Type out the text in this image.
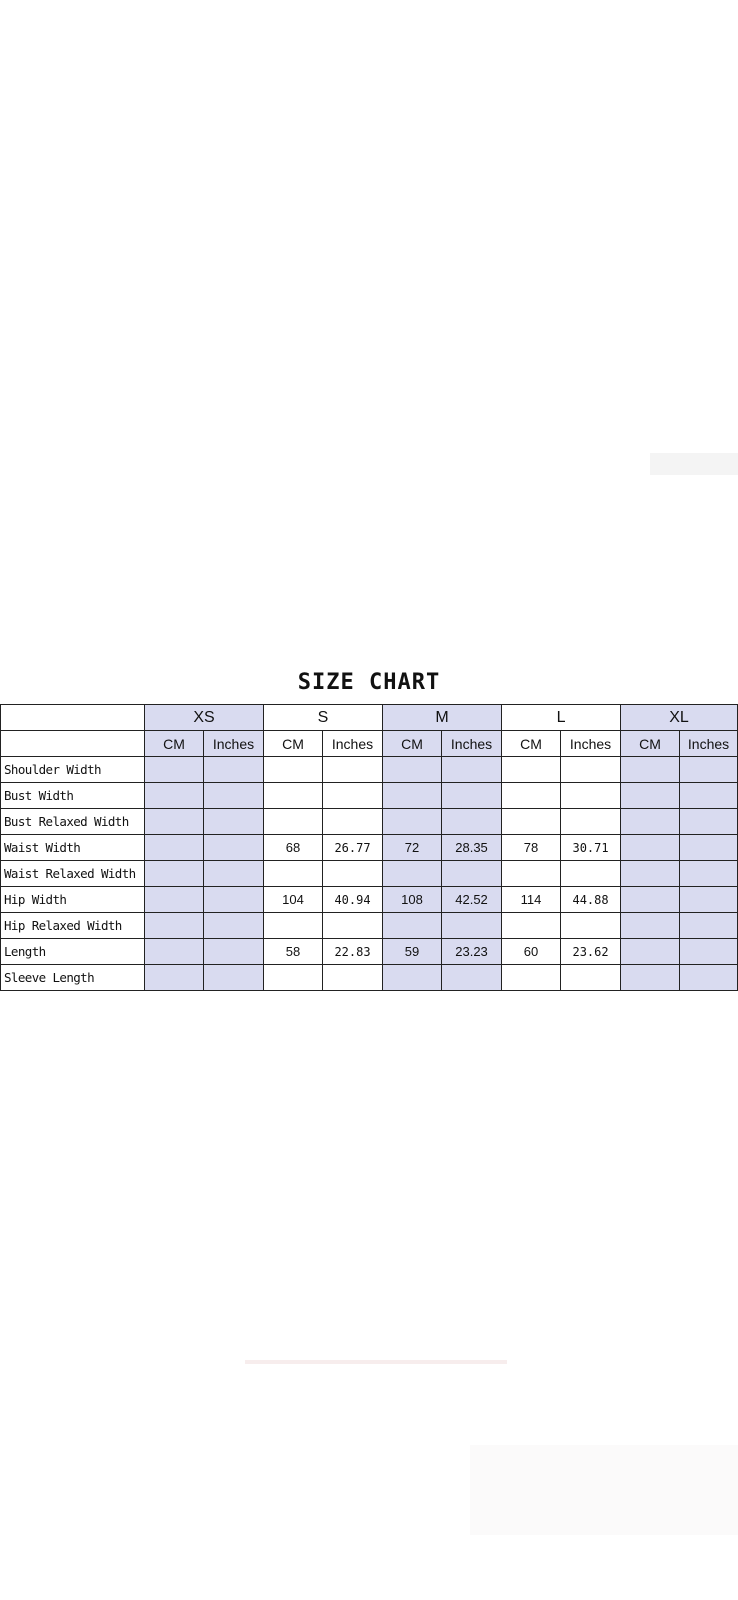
SIZE CHART
	XS		S		M		L		XL	
	CM	Inches	CM	Inches	CM	Inches	CM	Inches	CM	Inches
Shoulder Width										
Bust Width										
Bust Relaxed Width										
Waist Width			68	26.77	72	28.35	78	30.71		
Waist Relaxed Width										
Hip Width			104	40.94	108	42.52	114	44.88		
Hip Relaxed Width										
Length			58	22.83	59	23.23	60	23.62		
Sleeve Length										
